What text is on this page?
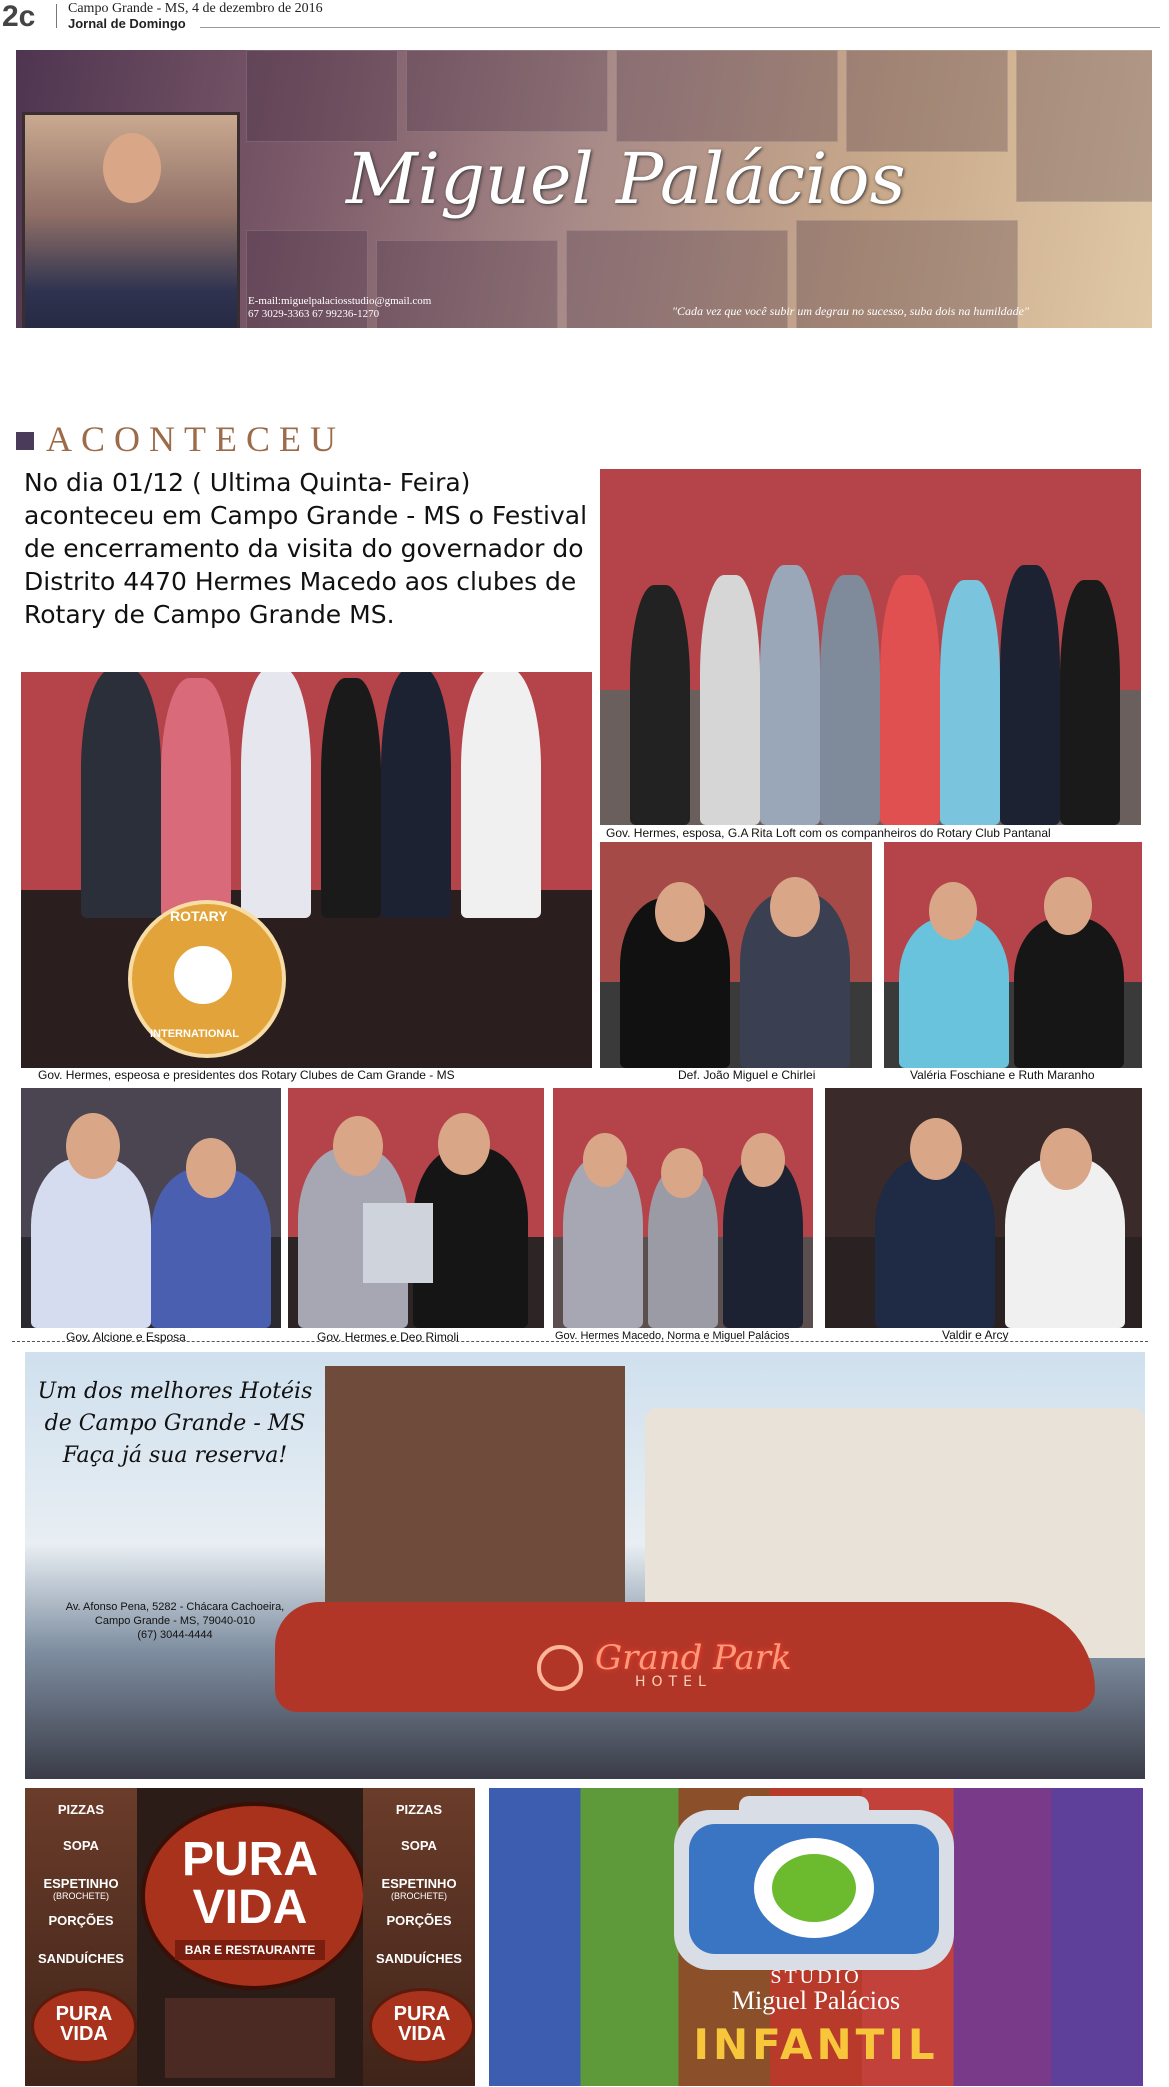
2c Campo Grande - MS, 4 de dezembro de 2016
Jornal de Domingo
Miguel Palácios
E-mail:miguelpalaciosstudio@gmail.com
67 3029-3363 67 99236-1270	"Cada vez que você subir um degrau no sucesso, suba dois na humildade"
ACONTECEU
No dia 01/12 ( Ultima Quinta- Feira) aconteceu em Campo Grande - MS o Festival de encerramento da visita do governador do Distrito 4470 Hermes Macedo aos clubes de Rotary de Campo Grande MS.
Gov. Hermes, esposa, G.A Rita Loft com os companheiros do Rotary Club Pantanal
ROTARY
INTERNATIONAL
Gov. Hermes, espeosa e presidentes dos Rotary Clubes de Cam Grande - MS	Def. João Miguel e Chirlei	Valéria Foschiane e Ruth Maranho
Gov. Alcione e Esposa	Gov. Hermes e Deo Rimoli	Gov. Hermes Macedo, Norma e Miguel Palácios	Valdir e Arcy
Grand Park
HOTEL
Um dos melhores Hotéis
de Campo Grande - MS
Faça já sua reserva!
Av. Afonso Pena, 5282 - Chácara Cachoeira,
Campo Grande - MS, 79040-010
(67) 3044-4444
PIZZAS
SOPA
ESPETINHO
(BROCHETE)
PORÇÕES
SANDUÍCHES
PURA
VIDA
PURA
VIDA
BAR E RESTAURANTE
PIZZAS
SOPA
ESPETINHO
(BROCHETE)
PORÇÕES
SANDUÍCHES
PURA
VIDA
STUDIO
Miguel Palácios
INFANTIL
